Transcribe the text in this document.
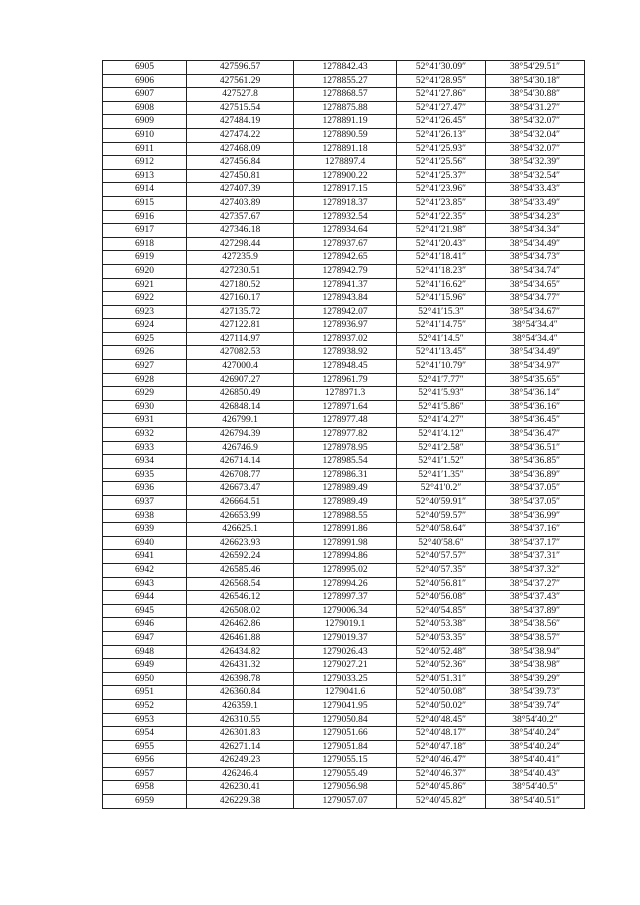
6905	427596.57	1278842.43	52°41′30.09″	38°54′29.51″
6906	427561.29	1278855.27	52°41′28.95″	38°54′30.18″
6907	427527.8	1278868.57	52°41′27.86″	38°54′30.88″
6908	427515.54	1278875.88	52°41′27.47″	38°54′31.27″
6909	427484.19	1278891.19	52°41′26.45″	38°54′32.07″
6910	427474.22	1278890.59	52°41′26.13″	38°54′32.04″
6911	427468.09	1278891.18	52°41′25.93″	38°54′32.07″
6912	427456.84	1278897.4	52°41′25.56″	38°54′32.39″
6913	427450.81	1278900.22	52°41′25.37″	38°54′32.54″
6914	427407.39	1278917.15	52°41′23.96″	38°54′33.43″
6915	427403.89	1278918.37	52°41′23.85″	38°54′33.49″
6916	427357.67	1278932.54	52°41′22.35″	38°54′34.23″
6917	427346.18	1278934.64	52°41′21.98″	38°54′34.34″
6918	427298.44	1278937.67	52°41′20.43″	38°54′34.49″
6919	427235.9	1278942.65	52°41′18.41″	38°54′34.73″
6920	427230.51	1278942.79	52°41′18.23″	38°54′34.74″
6921	427180.52	1278941.37	52°41′16.62″	38°54′34.65″
6922	427160.17	1278943.84	52°41′15.96″	38°54′34.77″
6923	427135.72	1278942.07	52°41′15.3″	38°54′34.67″
6924	427122.81	1278936.97	52°41′14.75″	38°54′34.4″
6925	427114.97	1278937.02	52°41′14.5″	38°54′34.4″
6926	427082.53	1278938.92	52°41′13.45″	38°54′34.49″
6927	427000.4	1278948.45	52°41′10.79″	38°54′34.97″
6928	426907.27	1278961.79	52°41′7.77″	38°54′35.65″
6929	426850.49	1278971.3	52°41′5.93″	38°54′36.14″
6930	426848.14	1278971.64	52°41′5.86″	38°54′36.16″
6931	426799.1	1278977.48	52°41′4.27″	38°54′36.45″
6932	426794.39	1278977.82	52°41′4.12″	38°54′36.47″
6933	426746.9	1278978.95	52°41′2.58″	38°54′36.51″
6934	426714.14	1278985.54	52°41′1.52″	38°54′36.85″
6935	426708.77	1278986.31	52°41′1.35″	38°54′36.89″
6936	426673.47	1278989.49	52°41′0.2″	38°54′37.05″
6937	426664.51	1278989.49	52°40′59.91″	38°54′37.05″
6938	426653.99	1278988.55	52°40′59.57″	38°54′36.99″
6939	426625.1	1278991.86	52°40′58.64″	38°54′37.16″
6940	426623.93	1278991.98	52°40′58.6″	38°54′37.17″
6941	426592.24	1278994.86	52°40′57.57″	38°54′37.31″
6942	426585.46	1278995.02	52°40′57.35″	38°54′37.32″
6943	426568.54	1278994.26	52°40′56.81″	38°54′37.27″
6944	426546.12	1278997.37	52°40′56.08″	38°54′37.43″
6945	426508.02	1279006.34	52°40′54.85″	38°54′37.89″
6946	426462.86	1279019.1	52°40′53.38″	38°54′38.56″
6947	426461.88	1279019.37	52°40′53.35″	38°54′38.57″
6948	426434.82	1279026.43	52°40′52.48″	38°54′38.94″
6949	426431.32	1279027.21	52°40′52.36″	38°54′38.98″
6950	426398.78	1279033.25	52°40′51.31″	38°54′39.29″
6951	426360.84	1279041.6	52°40′50.08″	38°54′39.73″
6952	426359.1	1279041.95	52°40′50.02″	38°54′39.74″
6953	426310.55	1279050.84	52°40′48.45″	38°54′40.2″
6954	426301.83	1279051.66	52°40′48.17″	38°54′40.24″
6955	426271.14	1279051.84	52°40′47.18″	38°54′40.24″
6956	426249.23	1279055.15	52°40′46.47″	38°54′40.41″
6957	426246.4	1279055.49	52°40′46.37″	38°54′40.43″
6958	426230.41	1279056.98	52°40′45.86″	38°54′40.5″
6959	426229.38	1279057.07	52°40′45.82″	38°54′40.51″
